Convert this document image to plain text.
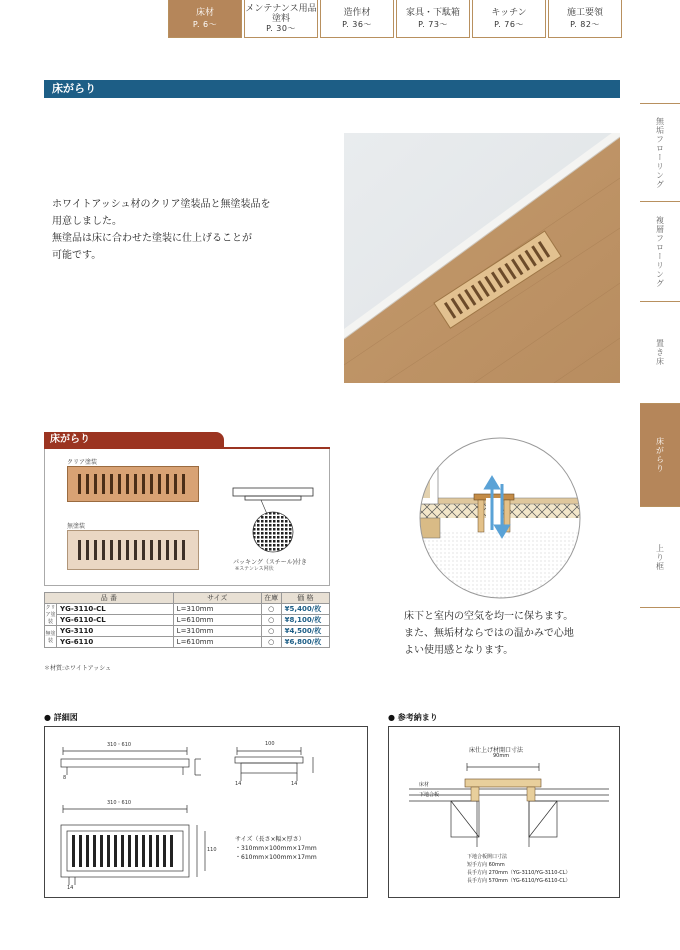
床材
P. 6〜
メンテナンス用品
塗料
P. 30〜
造作材
P. 36〜
家具・下駄箱
P. 73〜
キッチン
P. 76〜
施工要領
P. 82〜
床がらり
無垢フローリング
複層フローリング
置き床
床がらり
上り框
ホワイトアッシュ材のクリア塗装品と無塗装品を
用意しました。
無塗品は床に合わせた塗装に仕上げることが
可能です。
床がらり
クリア塗装
無塗装
パッキング（スチール)付き
※ステンレス网状
品 番		サイズ	在庫	価 格
クリア塗装	YG-3110-CL	L=310mm	○	¥5,400/枚
	YG-6110-CL	L=610mm	○	¥8,100/枚
無塗装	YG-3110	L=310mm	○	¥4,500/枚
	YG-6110	L=610mm	○	¥6,800/枚
＊材質:ホワイトアッシュ
床下と室内の空気を均一に保ちます。
また、無垢材ならではの温かみで心地
よい使用感となります。
● 詳細図
310・610	100
310・610
8
14	14
110
14
サイズ（長さ×幅×厚さ）
・310mm×100mm×17mm
・610mm×100mm×17mm
● 参考納まり
床仕上げ材開口寸法
90mm
床材
下地合板
下地合板開口寸法
短手方向 60mm
長手方向 270mm（YG-3110/YG-3110-CL）
長手方向 570mm（YG-6110/YG-6110-CL）
